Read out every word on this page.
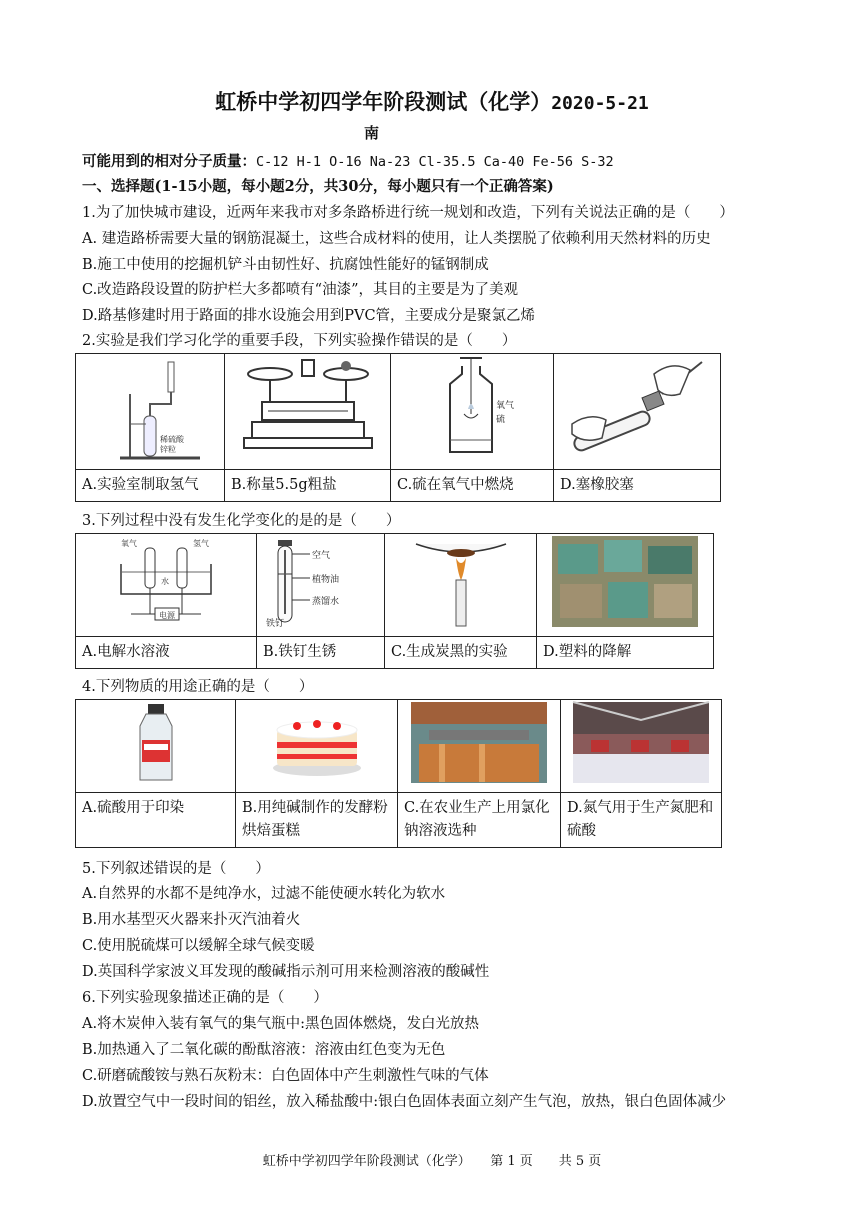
虹桥中学初四学年阶段测试（化学）2020-5-21
南
可能用到的相对分子质量：C-12 H-1 O-16 Na-23 Cl-35.5 Ca-40 Fe-56 S-32
一、选择题(1-15小题，每小题2分，共30分，每小题只有一个正确答案)
1.为了加快城市建设，近两年来我市对多条路桥进行统一规划和改造，下列有关说法正确的是（　　）
A. 建造路桥需要大量的钢筋混凝土，这些合成材料的使用，让人类摆脱了依赖利用天然材料的历史
B.施工中使用的挖掘机铲斗由韧性好、抗腐蚀性能好的锰钢制成
C.改造路段设置的防护栏大多都喷有“油漆”，其目的主要是为了美观
D.路基修建时用于路面的排水设施会用到PVC管，主要成分是聚氯乙烯
2.实验是我们学习化学的重要手段，下列实验操作错误的是（　　）
稀硫酸
锌粒		氧气
硫

A.实验室制取氢气	B.称量5.5g粗盐	C.硫在氧气中燃烧	D.塞橡胶塞
3.下列过程中没有发生化学变化的是的是（　　）
氧气 氢气
水
电源	空气
植物油
蒸馏水
铁钉

A.电解水溶液	B.铁钉生锈	C.生成炭黑的实验	D.塑料的降解
4.下列物质的用途正确的是（　　）

A.硫酸用于印染	B.用纯碱制作的发酵粉烘焙蛋糕	C.在农业生产上用氯化钠溶液选种	D.氮气用于生产氮肥和硫酸
5.下列叙述错误的是（　　）
A.自然界的水都不是纯净水，过滤不能使硬水转化为软水
B.用水基型灭火器来扑灭汽油着火
C.使用脱硫煤可以缓解全球气候变暖
D.英国科学家波义耳发现的酸碱指示剂可用来检测溶液的酸碱性
6.下列实验现象描述正确的是（　　）
A.将木炭伸入装有氧气的集气瓶中:黑色固体燃烧，发白光放热
B.加热通入了二氧化碳的酚酞溶液：溶液由红色变为无色
C.研磨硫酸铵与熟石灰粉末：白色固体中产生刺激性气味的气体
D.放置空气中一段时间的铝丝，放入稀盐酸中:银白色固体表面立刻产生气泡，放热，银白色固体减少
虹桥中学初四学年阶段测试（化学）　　第 1 页　　共 5 页
